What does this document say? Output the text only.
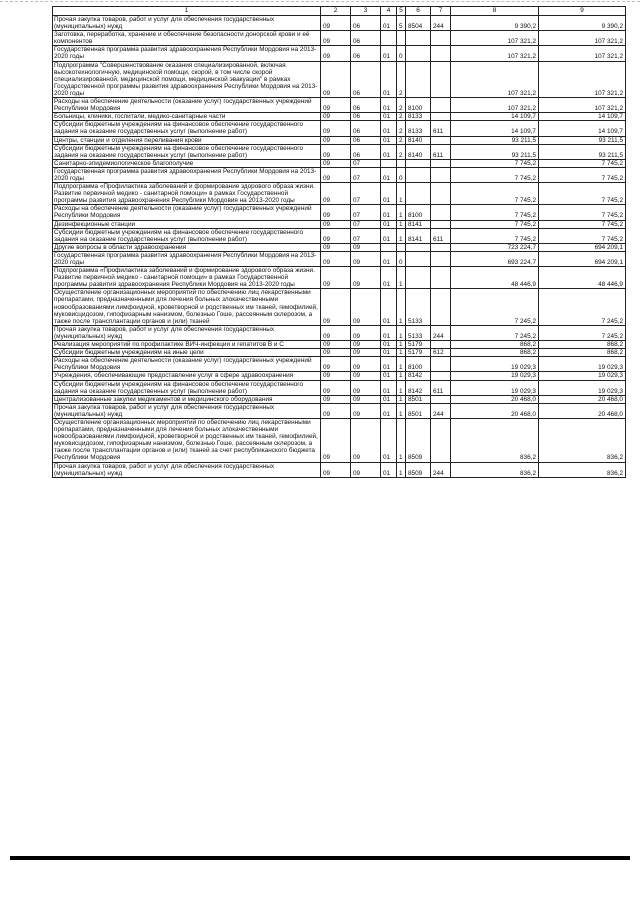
1	2	3	4	5	6	7	8	9
Прочая закупка товаров, работ и услуг для обеспечения государственных (муниципальных) нужд	09	06	01	5	8504	244	9 390,2	9 390,2
Заготовка, переработка, хранение и обеспечение безопасности донорской крови и её компонентов	09	06					107 321,2	107 321,2
Государственная программа развития здравоохранения Республики Мордовия на 2013-2020 годы	09	06	01	0			107 321,2	107 321,2
Подпрограмма "Совершенствование оказания специализированной, включая высокотехнологичную, медицинской помощи, скорой, в том числе скорой специализированной, медицинской помощи, медицинской эвакуации" в рамках Государственной программы развития здравоохранения Республики Мордовия на 2013-2020 годы	09	06	01	2			107 321,2	107 321,2
Расходы на обеспечение деятельности (оказание услуг) государственных учреждений Республики Мордовия	09	06	01	2	8100		107 321,2	107 321,2
Больницы, клиники, госпитали, медико-санитарные части	09	06	01	2	8133		14 109,7	14 109,7
Субсидии бюджетным учреждениям на финансовое обеспечение государственного задания на оказание государственных услуг (выполнение работ)	09	06	01	2	8133	611	14 109,7	14 109,7
Центры, станции и отделения переливания крови	09	06	01	2	8140		93 211,5	93 211,5
Субсидии бюджетным учреждениям на финансовое обеспечение государственного задания на оказание государственных услуг (выполнение работ)	09	06	01	2	8140	611	93 211,5	93 211,5
Санитарно-эпидемиологическое благополучие	09	07					7 745,2	7 745,2
Государственная программа развития здравоохранения Республики Мордовия на 2013-2020 годы	09	07	01	0			7 745,2	7 745,2
Подпрограмма «Профилактика заболеваний и формирование здорового образа жизни. Развитие первичной медико - санитарной помощи» в рамках Государственной программы развития здравоохранения Республики Мордовия на 2013-2020 годы	09	07	01	1			7 745,2	7 745,2
Расходы на обеспечение деятельности (оказание услуг) государственных учреждений Республики Мордовия	09	07	01	1	8100		7 745,2	7 745,2
Дезинфекционные станции	09	07	01	1	8141		7 745,2	7 745,2
Субсидии бюджетным учреждениям на финансовое обеспечение государственного задания на оказание государственных услуг (выполнение работ)	09	07	01	1	8141	611	7 745,2	7 745,2
Другие вопросы в области здравоохранения	09	09					723 224,7	694 209,1
Государственная программа развития здравоохранения Республики Мордовия на 2013-2020 годы	09	09	01	0			693 224,7	694 209,1
Подпрограмма «Профилактика заболеваний и формирование здорового образа жизни. Развитие первичной медико - санитарной помощи» в рамках Государственной программы развития здравоохранения Республики Мордовия на 2013-2020 годы	09	09	01	1			48 446,9	48 446,9
Осуществление организационных мероприятий по обеспечению лиц лекарственными препаратами, предназначенными для лечения больных злокачественными новообразованиями лимфоидной, кроветворной и родственных им тканей, гемофилией, муковисцидозом, гипофизарным нанизмом, болезнью Гоше, рассеянным склерозом, а также после трансплантации органов и (или) тканей	09	09	01	1	5133		7 245,2	7 245,2
Прочая закупка товаров, работ и услуг для обеспечения государственных (муниципальных) нужд	09	09	01	1	5133	244	7 245,2	7 245,2
Реализация мероприятий по профилактике ВИЧ-инфекции и гепатитов В и С	09	09	01	1	5179		868,2	868,2
Субсидии бюджетным учреждениям на иные цели	09	09	01	1	5179	612	868,2	868,2
Расходы на обеспечение деятельности (оказание услуг) государственных учреждений Республики Мордовия	09	09	01	1	8100		19 029,3	19 029,3
Учреждения, обеспечивающие предоставление услуг в сфере здравоохранения	09	09	01	1	8142		19 029,3	19 029,3
Субсидии бюджетным учреждениям на финансовое обеспечение государственного задания на оказание государственных услуг (выполнение работ)	09	09	01	1	8142	611	19 029,3	19 029,3
Централизованные закупки медикаментов и медицинского оборудования	09	09	01	1	8501		20 468,0	20 468,0
Прочая закупка товаров, работ и услуг для обеспечения государственных (муниципальных) нужд	09	09	01	1	8501	244	20 468,0	20 468,0
Осуществление организационных мероприятий по обеспечению лиц лекарственными препаратами, предназначенными для лечения больных злокачественными новообразованиями лимфоидной, кроветворной и родственных им тканей, гемофилией, муковисцидозом, гипофизарным нанизмом, болезнью Гоше, рассеянным склерозом, а также после трансплантации органов и (или) тканей за счет республиканского бюджета Республики Мордовия	09	09	01	1	8509		836,2	836,2
Прочая закупка товаров, работ и услуг для обеспечения государственных (муниципальных) нужд	09	09	01	1	8509	244	836,2	836,2
